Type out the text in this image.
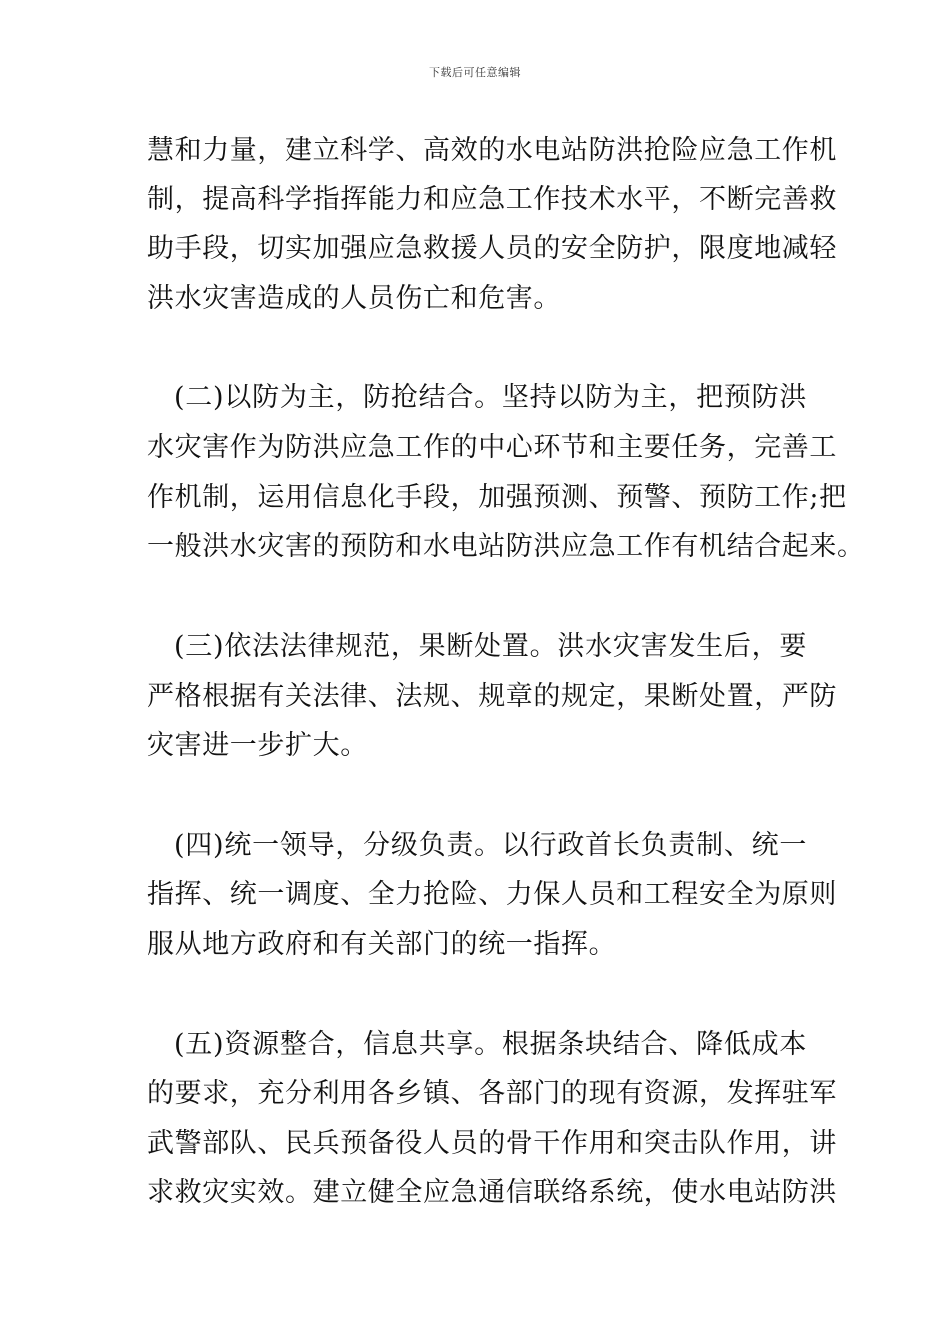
下载后可任意编辑
慧和力量，建立科学、高效的水电站防洪抢险应急工作机
制，提高科学指挥能力和应急工作技术水平，不断完善救
助手段，切实加强应急救援人员的安全防护，限度地减轻
洪水灾害造成的人员伤亡和危害。
(二)以防为主，防抢结合。坚持以防为主，把预防洪
水灾害作为防洪应急工作的中心环节和主要任务，完善工
作机制，运用信息化手段，加强预测、预警、预防工作;把
一般洪水灾害的预防和水电站防洪应急工作有机结合起来。
(三)依法法律规范，果断处置。洪水灾害发生后，要
严格根据有关法律、法规、规章的规定，果断处置，严防
灾害进一步扩大。
(四)统一领导，分级负责。以行政首长负责制、统一
指挥、统一调度、全力抢险、力保人员和工程安全为原则
服从地方政府和有关部门的统一指挥。
(五)资源整合，信息共享。根据条块结合、降低成本
的要求，充分利用各乡镇、各部门的现有资源，发挥驻军
武警部队、民兵预备役人员的骨干作用和突击队作用，讲
求救灾实效。建立健全应急通信联络系统，使水电站防洪
